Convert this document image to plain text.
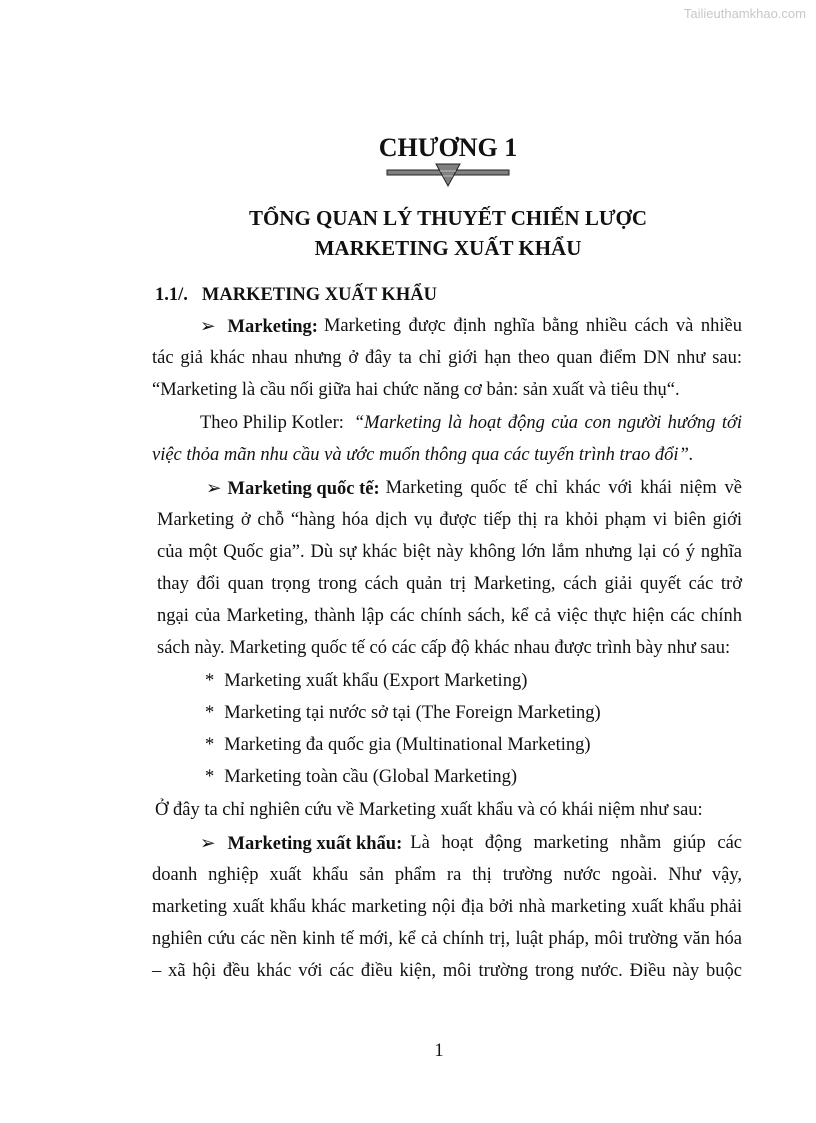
Tailieuthamkhao.com
CHƯƠNG 1
TỔNG QUAN LÝ THUYẾT CHIẾN LƯỢC
MARKETING XUẤT KHẨU
1.1/. MARKETING XUẤT KHẨU
➢ Marketing: Marketing được định nghĩa bằng nhiều cách và nhiều
tác giả khác nhau nhưng ở đây ta chỉ giới hạn theo quan điểm DN như sau:
“Marketing là cầu nối giữa hai chức năng cơ bản: sản xuất và tiêu thụ“.
Theo Philip Kotler: “Marketing là hoạt động của con người hướng tới
việc thỏa mãn nhu cầu và ước muốn thông qua các tuyến trình trao đổi”.
➢ Marketing quốc tế: Marketing quốc tế chỉ khác với khái niệm về
Marketing ở chỗ “hàng hóa dịch vụ được tiếp thị ra khỏi phạm vi biên giới
của một Quốc gia”. Dù sự khác biệt này không lớn lắm nhưng lại có ý nghĩa
thay đổi quan trọng trong cách quản trị Marketing, cách giải quyết các trở
ngại của Marketing, thành lập các chính sách, kể cả việc thực hiện các chính
sách này. Marketing quốc tế có các cấp độ khác nhau được trình bày như sau:
* Marketing xuất khẩu (Export Marketing)
* Marketing tại nước sở tại (The Foreign Marketing)
* Marketing đa quốc gia (Multinational Marketing)
* Marketing toàn cầu (Global Marketing)
Ở đây ta chỉ nghiên cứu về Marketing xuất khẩu và có khái niệm như sau:
➢ Marketing xuất khẩu: Là hoạt động marketing nhằm giúp các
doanh nghiệp xuất khẩu sản phẩm ra thị trường nước ngoài. Như vậy,
marketing xuất khẩu khác marketing nội địa bởi nhà marketing xuất khẩu phải
nghiên cứu các nền kinh tế mới, kể cả chính trị, luật pháp, môi trường văn hóa
– xã hội đều khác với các điều kiện, môi trường trong nước. Điều này buộc
1
